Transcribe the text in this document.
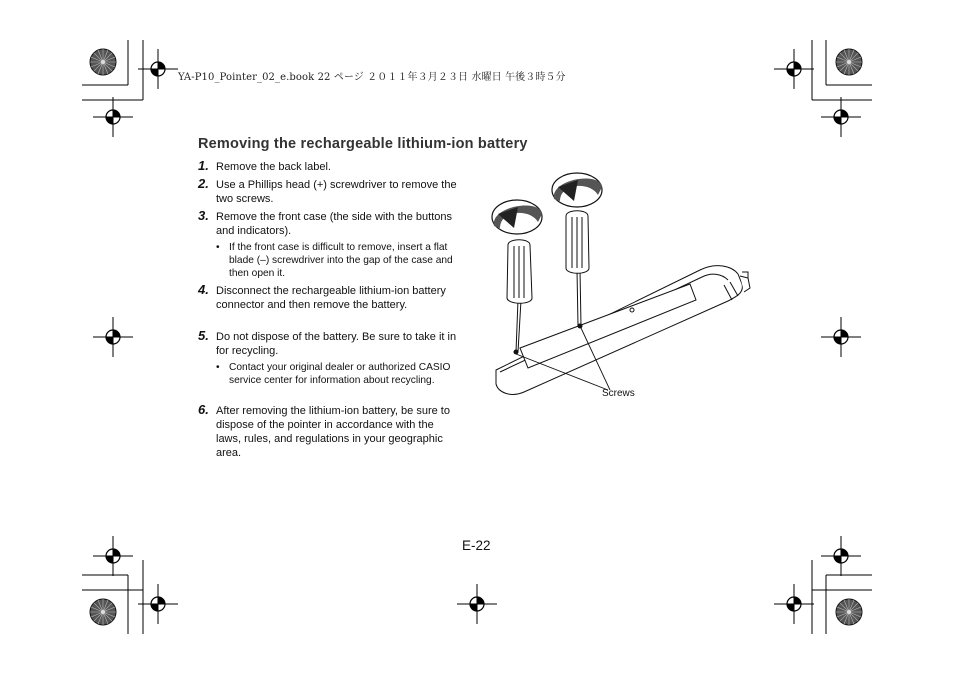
YA-P10_Pointer_02_e.book 22 ページ ２０１１年３月２３日 水曜日 午後３時５分
Removing the rechargeable lithium-ion battery
1. Remove the back label.
2. Use a Phillips head (+) screwdriver to remove the two screws.
3. Remove the front case (the side with the buttons and indicators).
• If the front case is difficult to remove, insert a flat blade (–) screwdriver into the gap of the case and then open it.
4. Disconnect the rechargeable lithium-ion battery connector and then remove the battery.
5. Do not dispose of the battery. Be sure to take it in for recycling.
• Contact your original dealer or authorized CASIO service center for information about recycling.
6. After removing the lithium-ion battery, be sure to dispose of the pointer in accordance with the laws, rules, and regulations in your geographic area.
Screws
E-22
